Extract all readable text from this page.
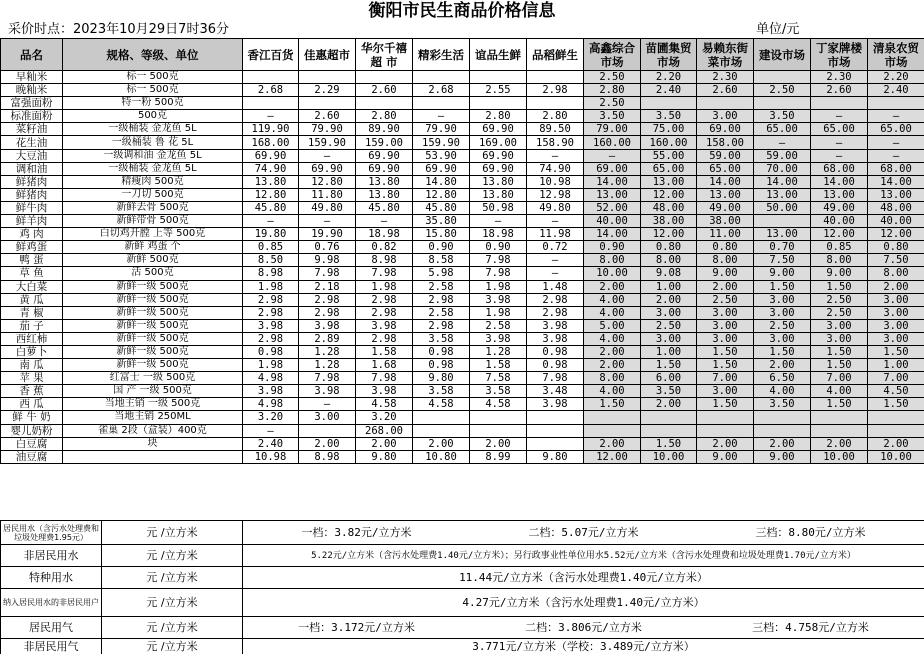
衡阳市民生商品价格信息
采价时点：2023年10月29日7时36分	单位/元
品名	规格、等级、单位	香江百货	佳惠超市	华尔千禧超 市	精彩生活	谊品生鲜	品稻鲜生	高鑫综合市场	苗圃集贸市场	易赖东街菜市场	建设市场	丁家牌楼市场	清泉农贸市场
早籼米	标一 500克							2.50	2.20	2.30		2.30	2.20
晚籼米	标一 500克	2.68	2.29	2.60	2.68	2.55	2.98	2.80	2.40	2.60	2.50	2.60	2.40
富强面粉	特一粉 500克							2.50					
标准面粉	500克	—	2.60	2.80	—	2.80	2.80	3.50	3.50	3.00	3.50	—	—
菜籽油	一级桶装 金龙鱼 5L	119.90	79.90	89.90	79.90	69.90	89.50	79.00	75.00	69.00	65.00	65.00	65.00
花生油	一级桶装 鲁 花 5L	168.00	159.90	159.00	159.90	169.00	158.90	160.00	160.00	158.00	—	—	—
大豆油	一级调和油 金龙鱼 5L	69.90	—	69.90	53.90	69.90	—	—	55.00	59.00	59.00	—	—
调和油	一级桶装 金龙鱼 5L	74.90	69.90	69.90	69.90	69.90	74.90	69.00	65.00	65.00	70.00	68.00	68.00
鲜猪肉	精瘦肉 500克	13.80	12.80	13.80	14.80	13.80	10.98	14.00	13.00	14.00	14.00	14.00	14.00
鲜猪肉	一刀切 500克	12.80	11.80	13.80	12.80	13.80	12.98	13.00	12.00	13.00	13.00	13.00	13.00
鲜牛肉	新鲜去骨 500克	45.80	49.80	45.80	45.80	50.98	49.80	52.00	48.00	49.00	50.00	49.00	48.00
鲜羊肉	新鲜带骨 500克	—	—	—	35.80	—	—	40.00	38.00	38.00		40.00	40.00
鸡 肉	白切鸡开膛 上等 500克	19.80	19.90	18.98	15.80	18.98	11.98	14.00	12.00	11.00	13.00	12.00	12.00
鲜鸡蛋	新鲜 鸡蛋 个	0.85	0.76	0.82	0.90	0.90	0.72	0.90	0.80	0.80	0.70	0.85	0.80
鸭 蛋	新鲜 500克	8.50	9.98	8.98	8.58	7.98	—	8.00	8.00	8.00	7.50	8.00	7.50
草 鱼	活 500克	8.98	7.98	7.98	5.98	7.98	—	10.00	9.08	9.00	9.00	9.00	8.00
大白菜	新鲜一级 500克	1.98	2.18	1.98	2.58	1.98	1.48	2.00	1.00	2.00	1.50	1.50	2.00
黄 瓜	新鲜一级 500克	2.98	2.98	2.98	2.98	3.98	2.98	4.00	2.00	2.50	3.00	2.50	3.00
青 椒	新鲜一级 500克	2.98	2.98	2.98	2.58	1.98	2.98	4.00	3.00	3.00	3.00	2.50	3.00
茄 子	新鲜一级 500克	3.98	3.98	3.98	2.98	2.58	3.98	5.00	2.50	3.00	2.50	3.00	3.00
西红柿	新鲜一级 500克	2.98	2.89	2.98	3.58	3.98	3.98	4.00	3.00	3.00	3.00	3.00	3.00
白萝卜	新鲜一级 500克	0.98	1.28	1.58	0.98	1.28	0.98	2.00	1.00	1.50	1.50	1.50	1.50
南 瓜	新鲜一级 500克	1.98	1.28	1.68	0.98	1.58	0.98	2.00	1.50	1.50	2.00	1.50	1.00
苹 果	红富士 一级 500克	4.98	7.98	7.98	9.80	7.58	7.98	8.00	6.00	7.00	6.50	7.00	7.00
香 蕉	国 产 一级 500克	3.98	3.98	3.98	3.58	3.58	3.48	4.00	3.50	3.00	4.00	4.00	4.50
西 瓜	当地主销 一级 500克	4.98	—	4.58	4.58	4.58	3.98	1.50	2.00	1.50	3.50	1.50	1.50
鲜 牛 奶	当地主销 250ML	3.20	3.00	3.20									
婴儿奶粉	雀巢 2段（盒装）400克	—		268.00									
白豆腐	块	2.40	2.00	2.00	2.00	2.00		2.00	1.50	2.00	2.00	2.00	2.00
油豆腐		10.98	8.98	9.80	10.80	8.99	9.80	12.00	10.00	9.00	9.00	10.00	10.00
居民用水（含污水处理费和垃圾处理费1.95元）	元 /立方米	一档：3.82元/立方米 二档：5.07元/立方米 三档：8.80元/立方米

非居民用水	元 /立方米	5.22元/立方米（含污水处理费1.40元/立方米）；另行政事业性单位用水5.52元/立方米（含污水处理费和垃圾处理费1.70元/立方米）
特种用水	元 /立方米	11.44元/立方米（含污水处理费1.40元/立方米）
纳入居民用水的非居民用户	元 /立方米	4.27元/立方米（含污水处理费1.40元/立方米）
居民用气	元 /立方米	一档：3.172元/立方米 二档：3.806元/立方米 三档：4.758元/立方米

非居民用气	元 /立方米	3.771元/立方米（学校：3.489元/立方米）
